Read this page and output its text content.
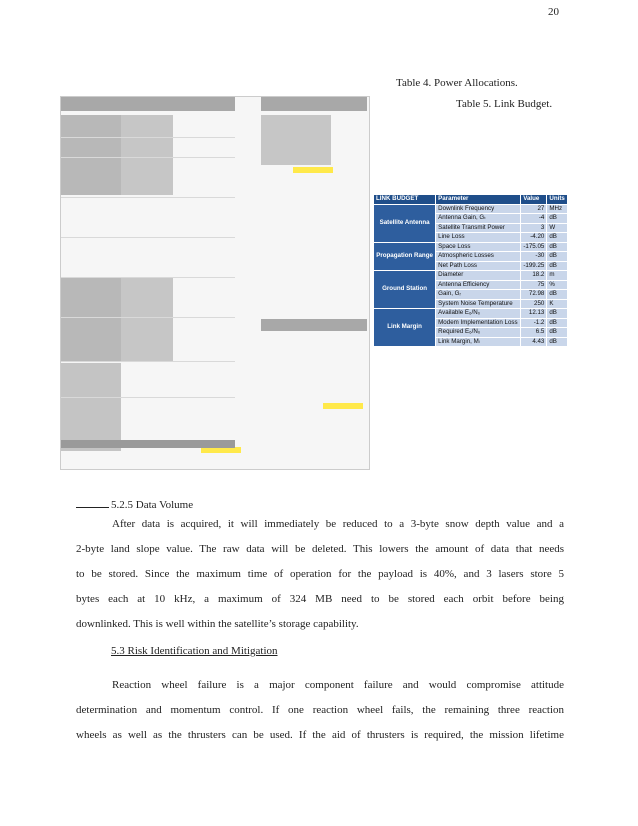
20
Table 4. Power Allocations.
Table 5. Link Budget.
LINK BUDGET	Parameter	Value	Units
Satellite Antenna	Downlink Frequency	27	MHz
	Antenna Gain, Gₜ	-4	dB
	Satellite Transmit Power	3	W
	Line Loss	-4.20	dB
Propagation Range	Space Loss	-175.05	dB
	Atmospheric Losses	-30	dB
	Net Path Loss	-199.25	dB
Ground Station	Diameter	18.2	m
	Antenna Efficiency	75	%
	Gain, Gᵣ	72.98	dB
	System Noise Temperature	250	K
Link Margin	Available E₆/N₀	12.13	dB
	Modem Implementation Loss	-1.2	dB
	Required E₆/N₀	6.5	dB
	Link Margin, Mₗ	4.43	dB
5.2.5 Data Volume
After data is acquired, it will immediately be reduced to a 3-byte snow depth value and a
2-byte land slope value. The raw data will be deleted. This lowers the amount of data that needs
to be stored. Since the maximum time of operation for the payload is 40%, and 3 lasers store 5
bytes each at 10 kHz, a maximum of 324 MB need to be stored each orbit before being
downlinked. This is well within the satellite’s storage capability.
5.3 Risk Identification and Mitigation
Reaction wheel failure is a major component failure and would compromise attitude
determination and momentum control. If one reaction wheel fails, the remaining three reaction
wheels as well as the thrusters can be used. If the aid of thrusters is required, the mission lifetime
